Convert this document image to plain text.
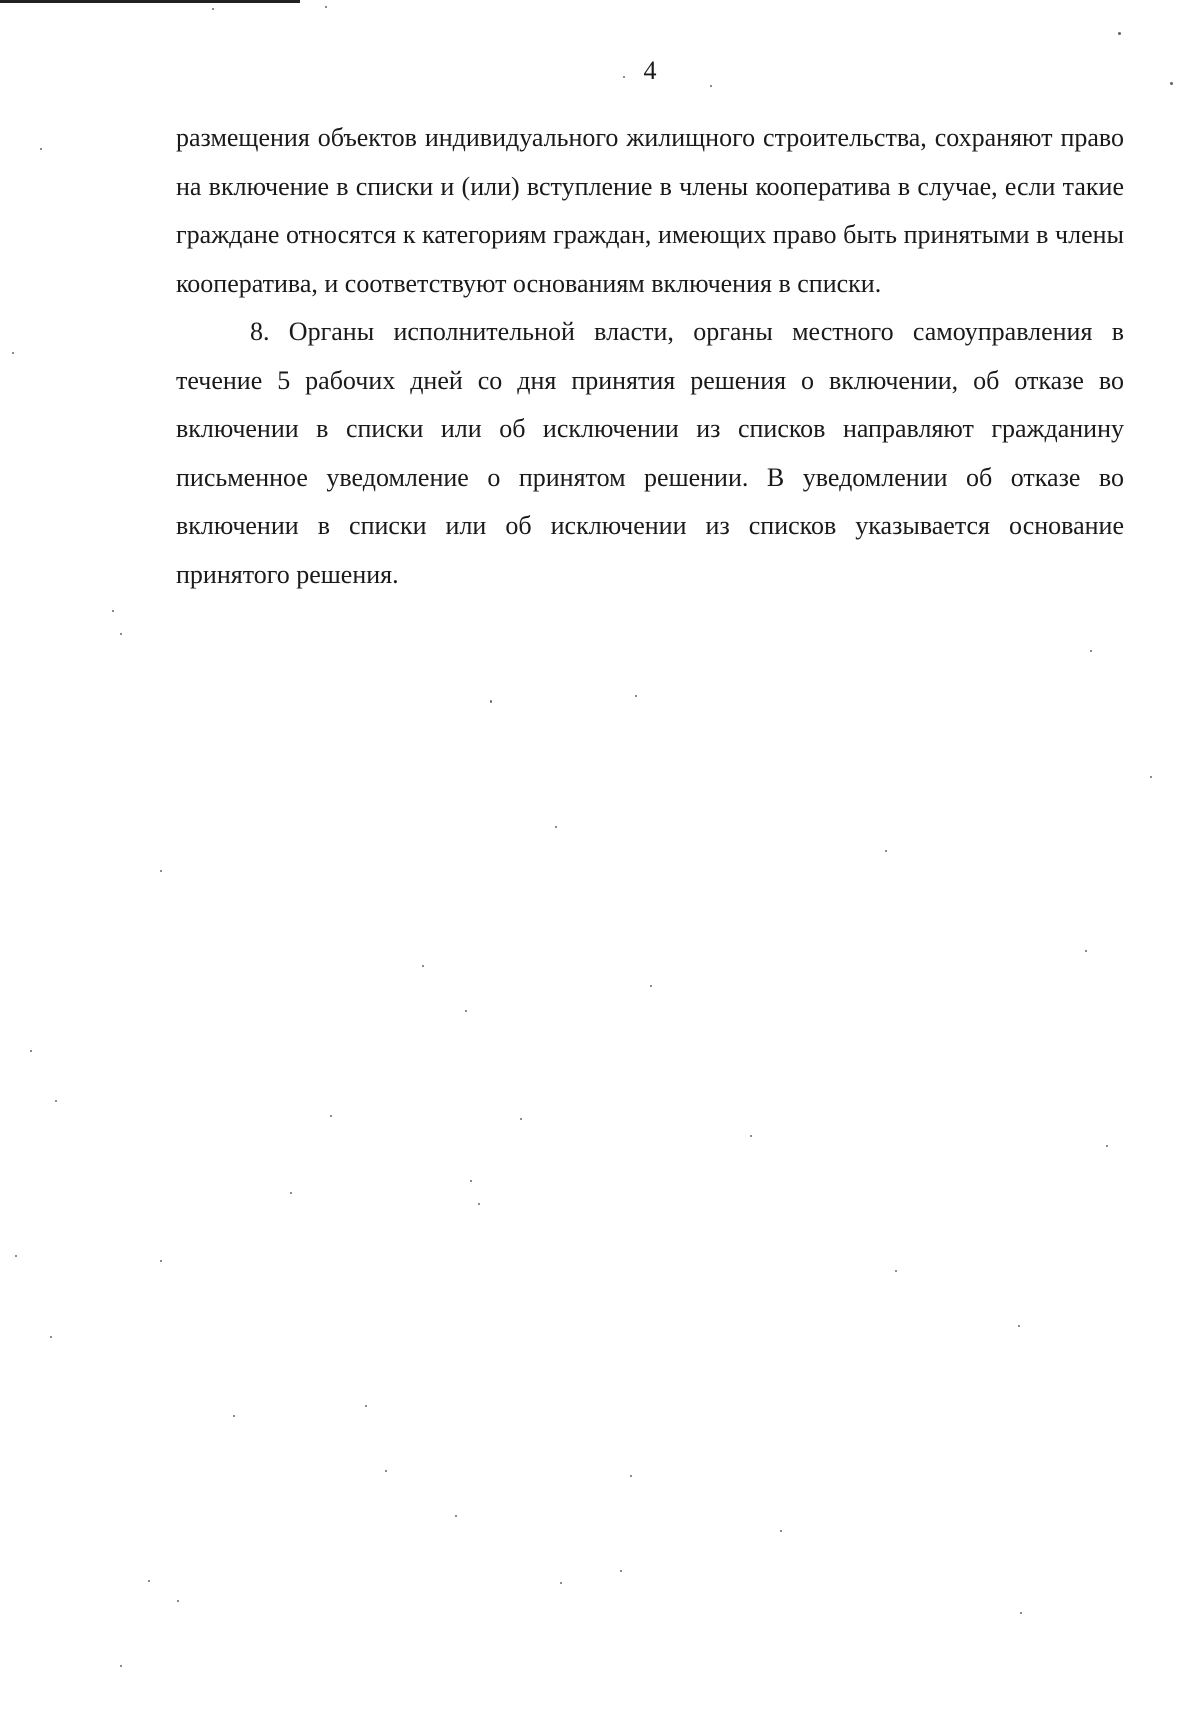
4

размещения объектов индивидуального жилищного строительства, сохраняют право на включение в списки и (или) вступление в члены кооператива в случае, если такие граждане относятся к категориям граждан, имеющих право быть принятыми в члены кооператива, и соответствуют основаниям включения в списки.

8. Органы исполнительной власти, органы местного самоуправления в течение 5 рабочих дней со дня принятия решения о включении, об отказе во включении в списки или об исключении из списков направляют гражданину письменное уведомление о принятом решении. В уведомлении об отказе во включении в списки или об исключении из списков указывается основание принятого решения.
